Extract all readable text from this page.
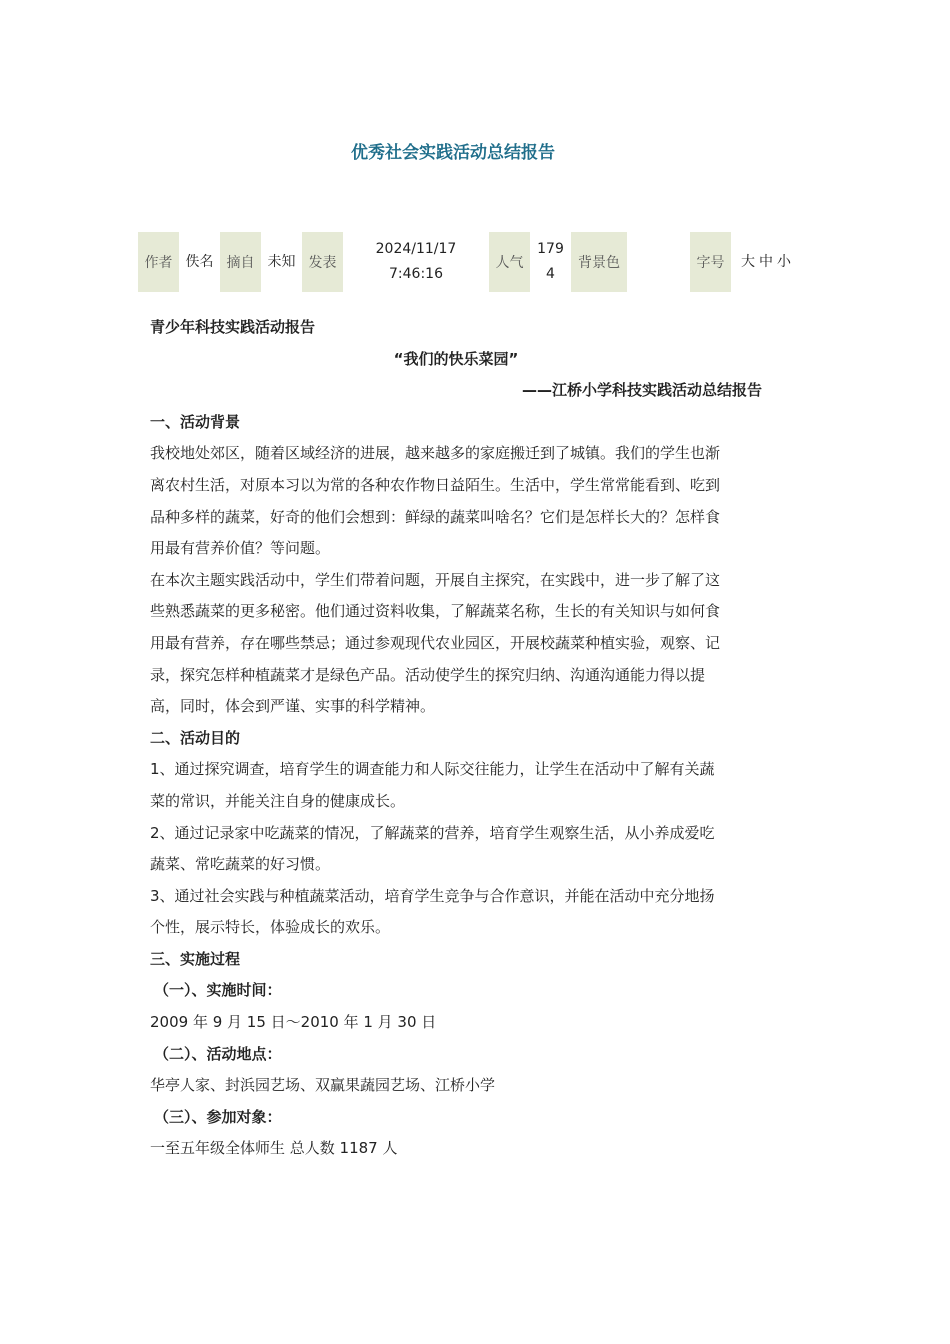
优秀社会实践活动总结报告
作者 佚名 摘自 未知 发表
2024/11/17
7:46:16
人气
179
4
背景色	字号	大 中 小

青少年科技实践活动报告

“我们的快乐菜园”

——江桥小学科技实践活动总结报告

一、活动背景

我校地处郊区，随着区域经济的进展，越来越多的家庭搬迁到了城镇。我们的学生也渐

离农村生活，对原本习以为常的各种农作物日益陌生。生活中，学生常常能看到、吃到

品种多样的蔬菜，好奇的他们会想到：鲜绿的蔬菜叫啥名？它们是怎样长大的？怎样食

用最有营养价值？等问题。

在本次主题实践活动中，学生们带着问题，开展自主探究，在实践中，进一步了解了这

些熟悉蔬菜的更多秘密。他们通过资料收集，了解蔬菜名称，生长的有关知识与如何食

用最有营养，存在哪些禁忌；通过参观现代农业园区，开展校蔬菜种植实验，观察、记

录，探究怎样种植蔬菜才是绿色产品。活动使学生的探究归纳、沟通沟通能力得以提

高，同时，体会到严谨、实事的科学精神。

二、活动目的

1、通过探究调查，培育学生的调查能力和人际交往能力，让学生在活动中了解有关蔬

菜的常识，并能关注自身的健康成长。

2、通过记录家中吃蔬菜的情况，了解蔬菜的营养，培育学生观察生活，从小养成爱吃

蔬菜、常吃蔬菜的好习惯。

3、通过社会实践与种植蔬菜活动，培育学生竞争与合作意识，并能在活动中充分地扬

个性，展示特长，体验成长的欢乐。

三、实施过程

（一）、实施时间：

2009 年 9 月 15 日～2010 年 1 月 30 日

（二）、活动地点：

华亭人家、封浜园艺场、双赢果蔬园艺场、江桥小学

（三）、参加对象：

一至五年级全体师生 总人数 1187 人
